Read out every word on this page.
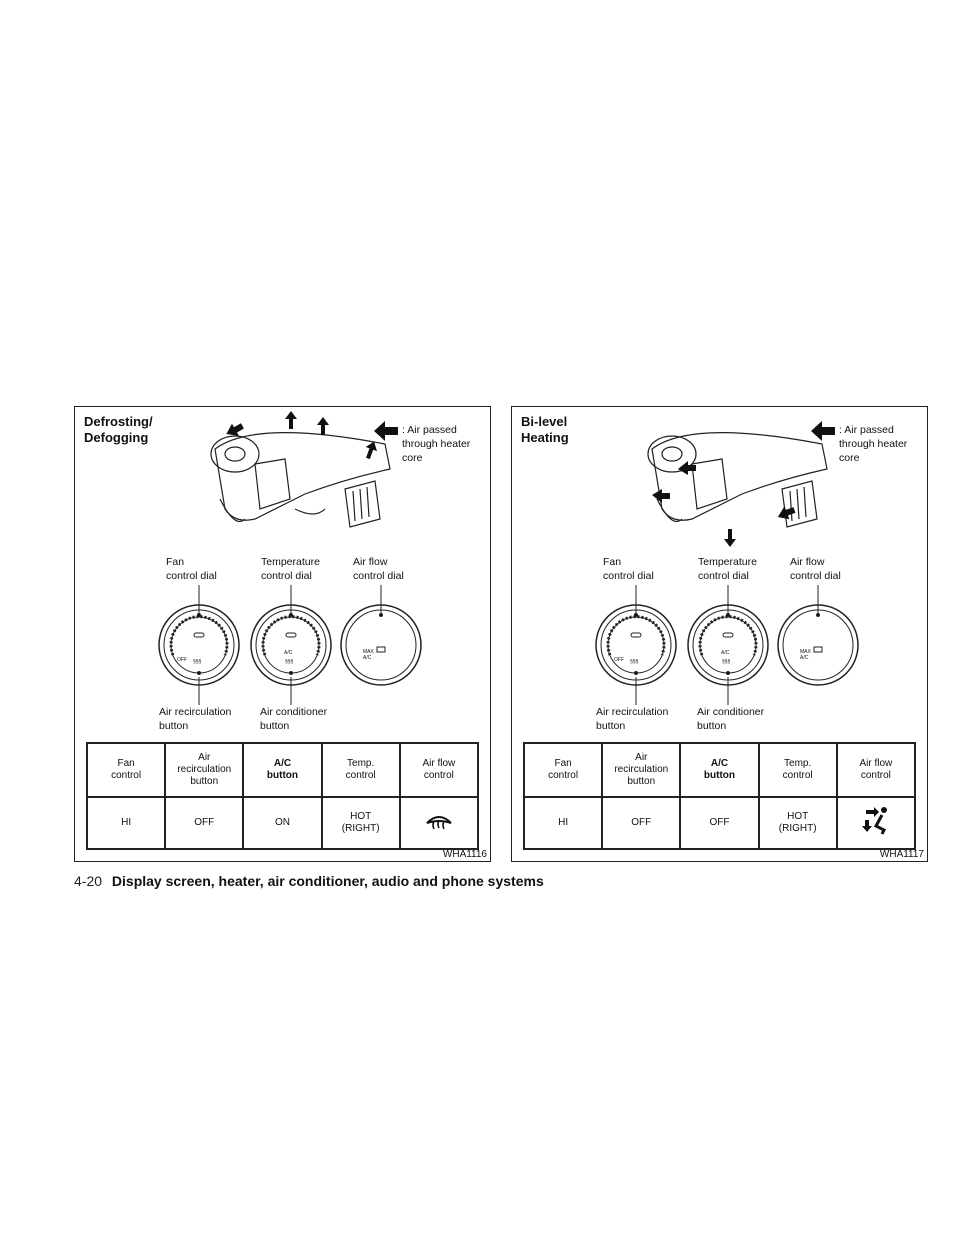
Defrosting/
Defogging	: Air passed through heater core
Fan
control dial
Temperature
control dial
Air flow
control dial
OFF §§§
A/C
§§§
MAX
A/C
Air recirculation
button
Air conditioner
button
Fan
control	Air
recirculation
button	A/C
button	Temp.
control	Air flow
control
HI	OFF	ON	HOT
(RIGHT)	
WHA1116
Bi-level
Heating	: Air passed through heater core
Fan
control dial
Temperature
control dial
Air flow
control dial
OFF §§§
A/C
§§§
MAX
A/C
Air recirculation
button
Air conditioner
button
Fan
control	Air
recirculation
button	A/C
button	Temp.
control	Air flow
control
HI	OFF	OFF	HOT
(RIGHT)	
WHA1117
4-20 Display screen, heater, air conditioner, audio and phone systems
